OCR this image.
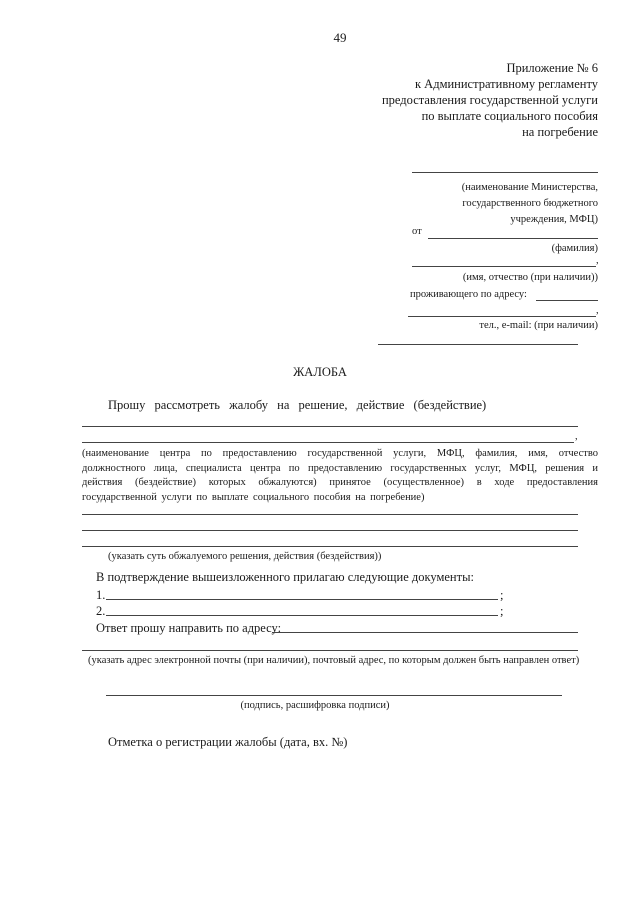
49
Приложение № 6
к Административному регламенту
предоставления государственной услуги
по выплате социального пособия
на погребение
(наименование Министерства,
государственного бюджетного
учреждения, МФЦ)
от
(фамилия)
,
(имя, отчество (при наличии))
проживающего по адресу:
,
тел., e-mail: (при наличии)
ЖАЛОБА
Прошу рассмотреть жалобу на решение, действие (бездействие)
,
(наименование центра по предоставлению государственной услуги, МФЦ, фамилия, имя, отчество должностного лица, специалиста центра по предоставлению государственных услуг, МФЦ, решения и действия (бездействие) которых обжалуются) принятое (осуществленное) в ходе предоставления государственной услуги по выплате социального пособия на погребение)
(указать суть обжалуемого решения, действия (бездействия))
В подтверждение вышеизложенного прилагаю следующие документы:
1.	;
2.	;
Ответ прошу направить по адресу:
(указать адрес электронной почты (при наличии), почтовый адрес, по которым должен быть направлен ответ)
(подпись, расшифровка подписи)
Отметка о регистрации жалобы (дата, вх. №)
